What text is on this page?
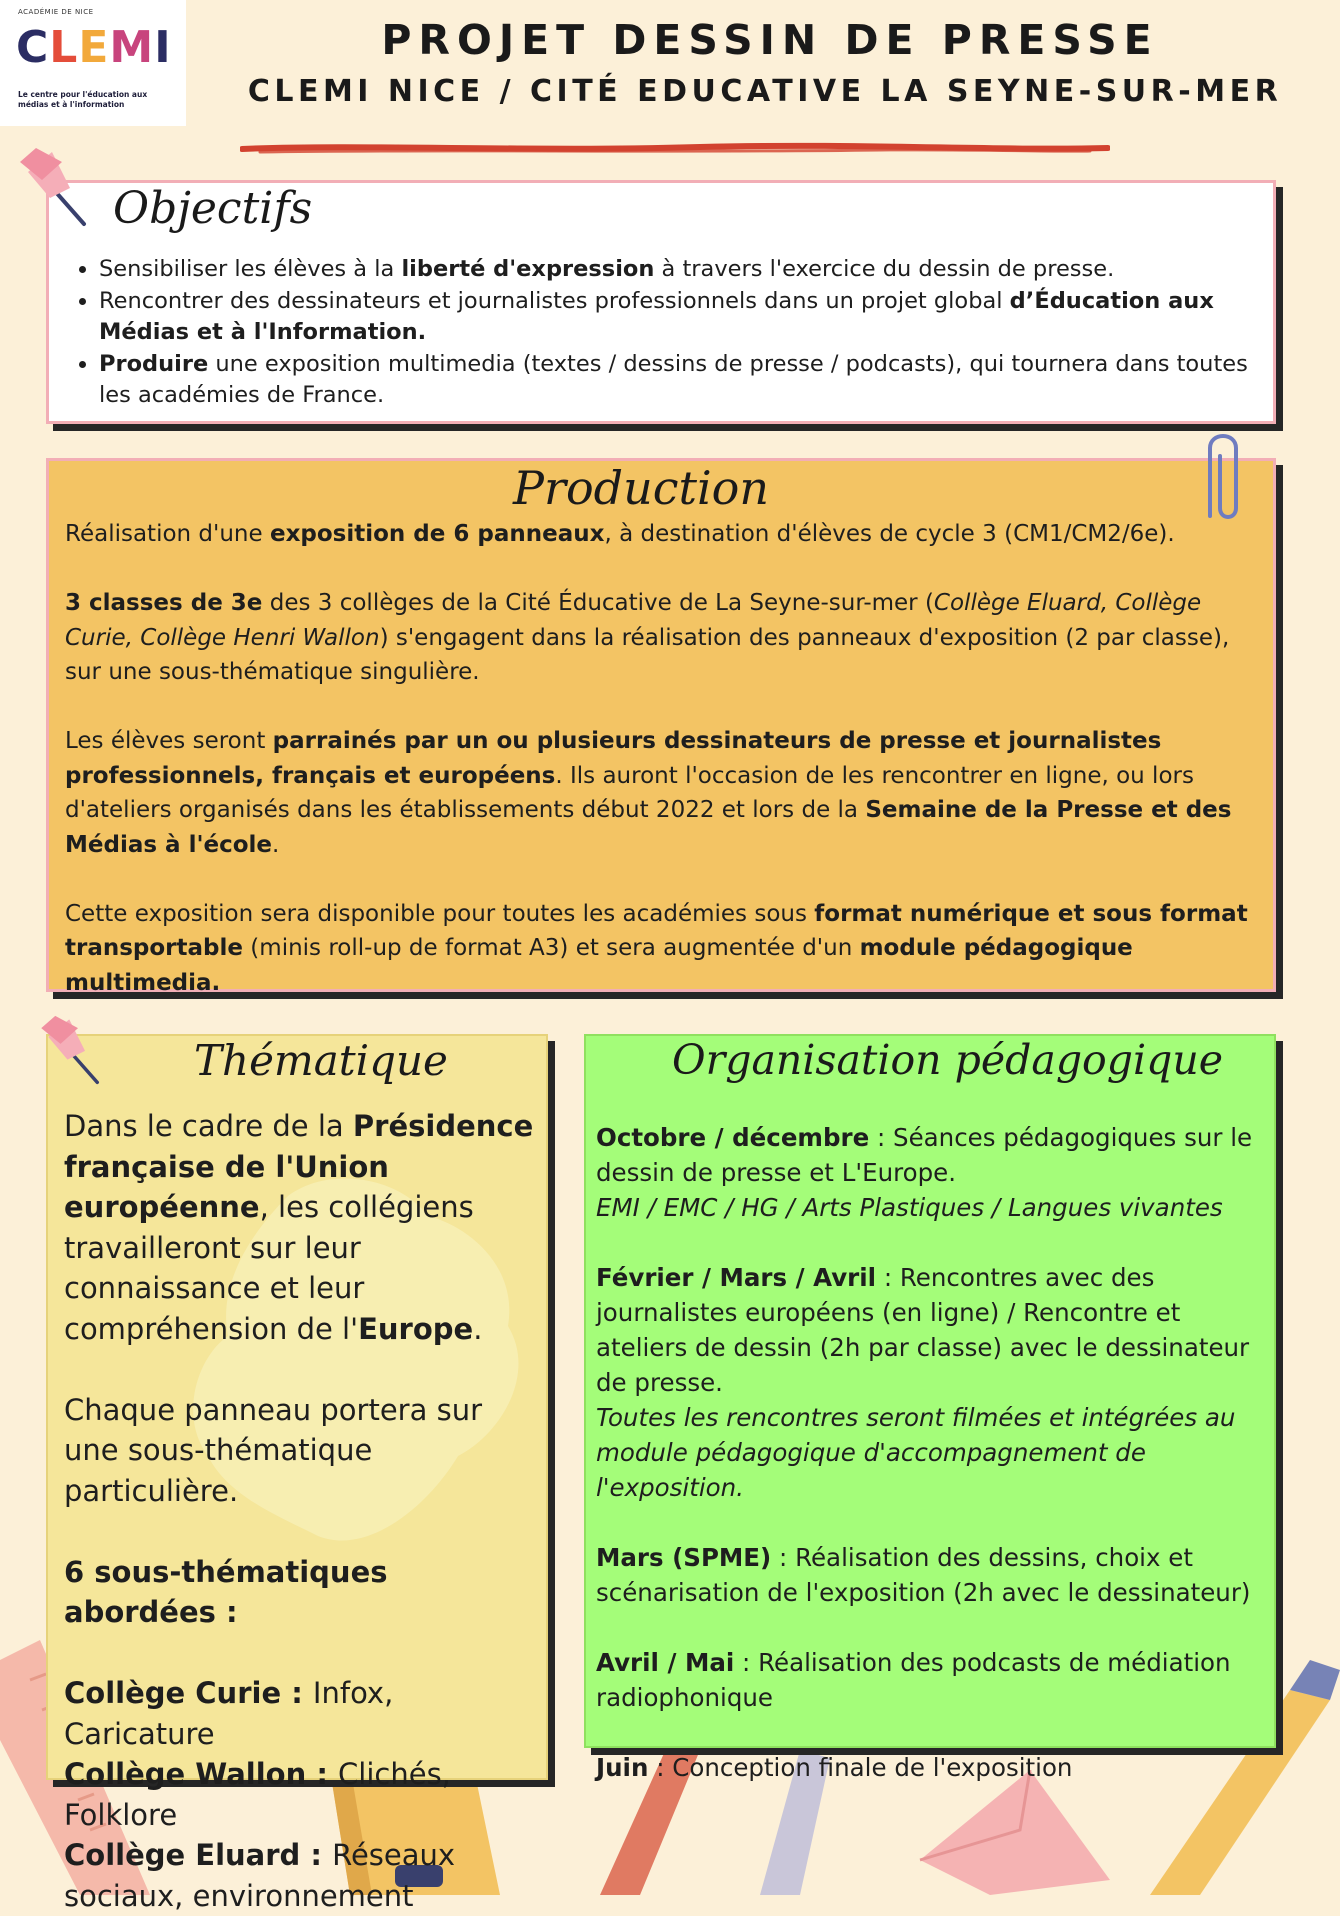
ACADÉMIE DE NICE
CLEMI
Le centre pour l'éducation aux médias et à l'information
PROJET DESSIN DE PRESSE
CLEMI NICE / CITÉ EDUCATIVE LA SEYNE-SUR-MER
Objectifs
• Sensibiliser les élèves à la liberté d'expression à travers l'exercice du dessin de presse.
• Rencontrer des dessinateurs et journalistes professionnels dans un projet global d’Éducation aux Médias et à l'Information.
• Produire une exposition multimedia (textes / dessins de presse / podcasts), qui tournera dans toutes les académies de France.
Production

Réalisation d'une exposition de 6 panneaux, à destination d'élèves de cycle 3 (CM1/CM2/6e).

3 classes de 3e des 3 collèges de la Cité Éducative de La Seyne-sur-mer (Collège Eluard, Collège Curie, Collège Henri Wallon) s'engagent dans la réalisation des panneaux d'exposition (2 par classe), sur une sous-thématique singulière.

Les élèves seront parrainés par un ou plusieurs dessinateurs de presse et journalistes professionnels, français et européens. Ils auront l'occasion de les rencontrer en ligne, ou lors d'ateliers organisés dans les établissements début 2022 et lors de la Semaine de la Presse et des Médias à l'école.

Cette exposition sera disponible pour toutes les académies sous format numérique et sous format transportable (minis roll-up de format A3) et sera augmentée d'un module pédagogique multimedia.

Dans le cadre de la Présidence française de l'Union européenne, les collégiens travailleront sur leur connaissance et leur compréhension de l'Europe.

Chaque panneau portera sur une sous-thématique particulière.

6 sous-thématiques abordées :

Collège Curie : Infox, Caricature

Collège Wallon : Clichés, Folklore

Collège Eluard : Réseaux sociaux, environnement

Thématique	Organisation pédagogique

Octobre / décembre : Séances pédagogiques sur le dessin de presse et L'Europe.

EMI / EMC / HG / Arts Plastiques / Langues vivantes

Février / Mars / Avril : Rencontres avec des journalistes européens (en ligne) / Rencontre et ateliers de dessin (2h par classe) avec le dessinateur de presse.

Toutes les rencontres seront filmées et intégrées au module pédagogique d'accompagnement de l'exposition.

Mars (SPME) : Réalisation des dessins, choix et scénarisation de l'exposition (2h avec le dessinateur)

Avril / Mai : Réalisation des podcasts de médiation radiophonique

Juin : Conception finale de l'exposition
